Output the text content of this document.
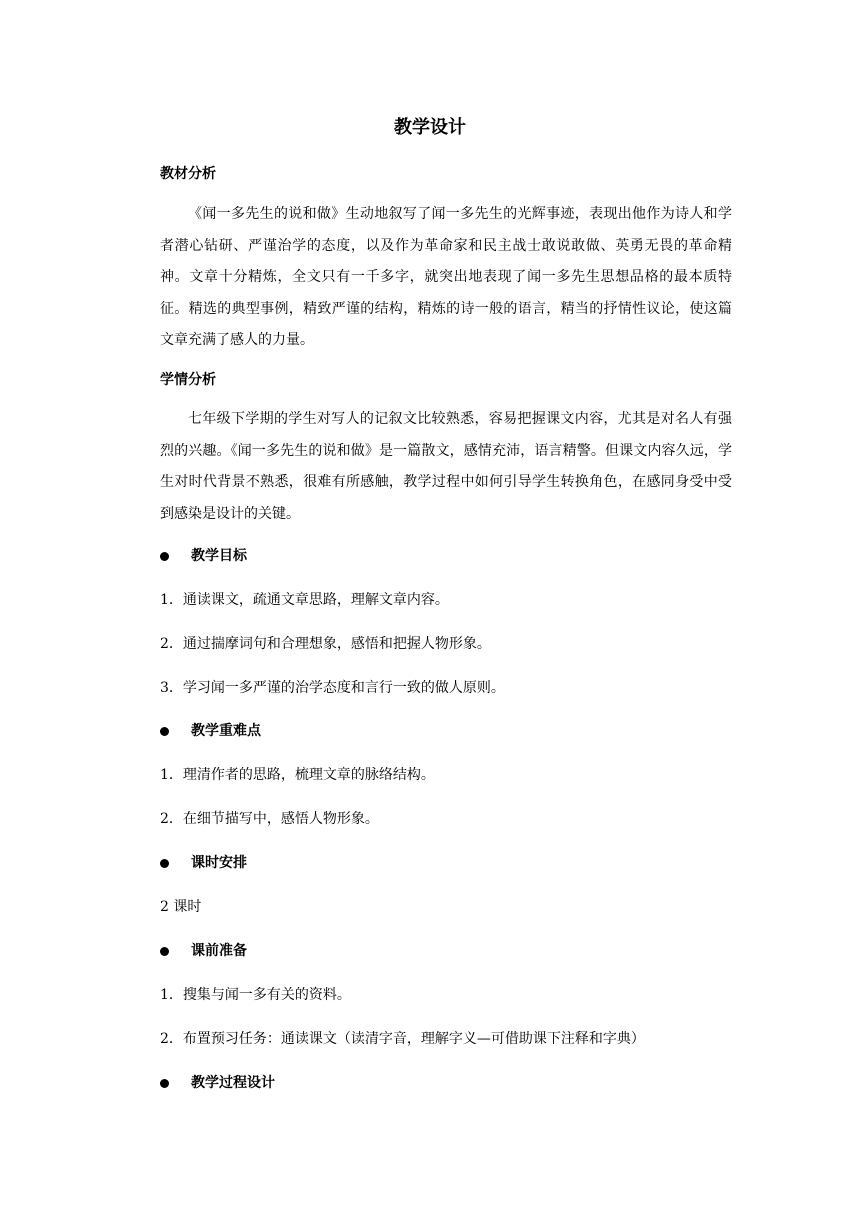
教学设计
教材分析

《闻一多先生的说和做》生动地叙写了闻一多先生的光辉事迹，表现出他作为诗人和学者潜心钻研、严谨治学的态度，以及作为革命家和民主战士敢说敢做、英勇无畏的革命精神。文章十分精炼，全文只有一千多字，就突出地表现了闻一多先生思想品格的最本质特征。精选的典型事例，精致严谨的结构，精炼的诗一般的语言，精当的抒情性议论，使这篇文章充满了感人的力量。

学情分析

七年级下学期的学生对写人的记叙文比较熟悉，容易把握课文内容，尤其是对名人有强烈的兴趣。《闻一多先生的说和做》是一篇散文，感情充沛，语言精警。但课文内容久远，学生对时代背景不熟悉，很难有所感触，教学过程中如何引导学生转换角色，在感同身受中受到感染是设计的关键。

教学目标
1．通读课文，疏通文章思路，理解文章内容。
2．通过揣摩词句和合理想象，感悟和把握人物形象。
3．学习闻一多严谨的治学态度和言行一致的做人原则。
教学重难点
1．理清作者的思路，梳理文章的脉络结构。
2．在细节描写中，感悟人物形象。
课时安排
2 课时
课前准备
1．搜集与闻一多有关的资料。
2．布置预习任务：通读课文（读清字音，理解字义—可借助课下注释和字典）
教学过程设计
